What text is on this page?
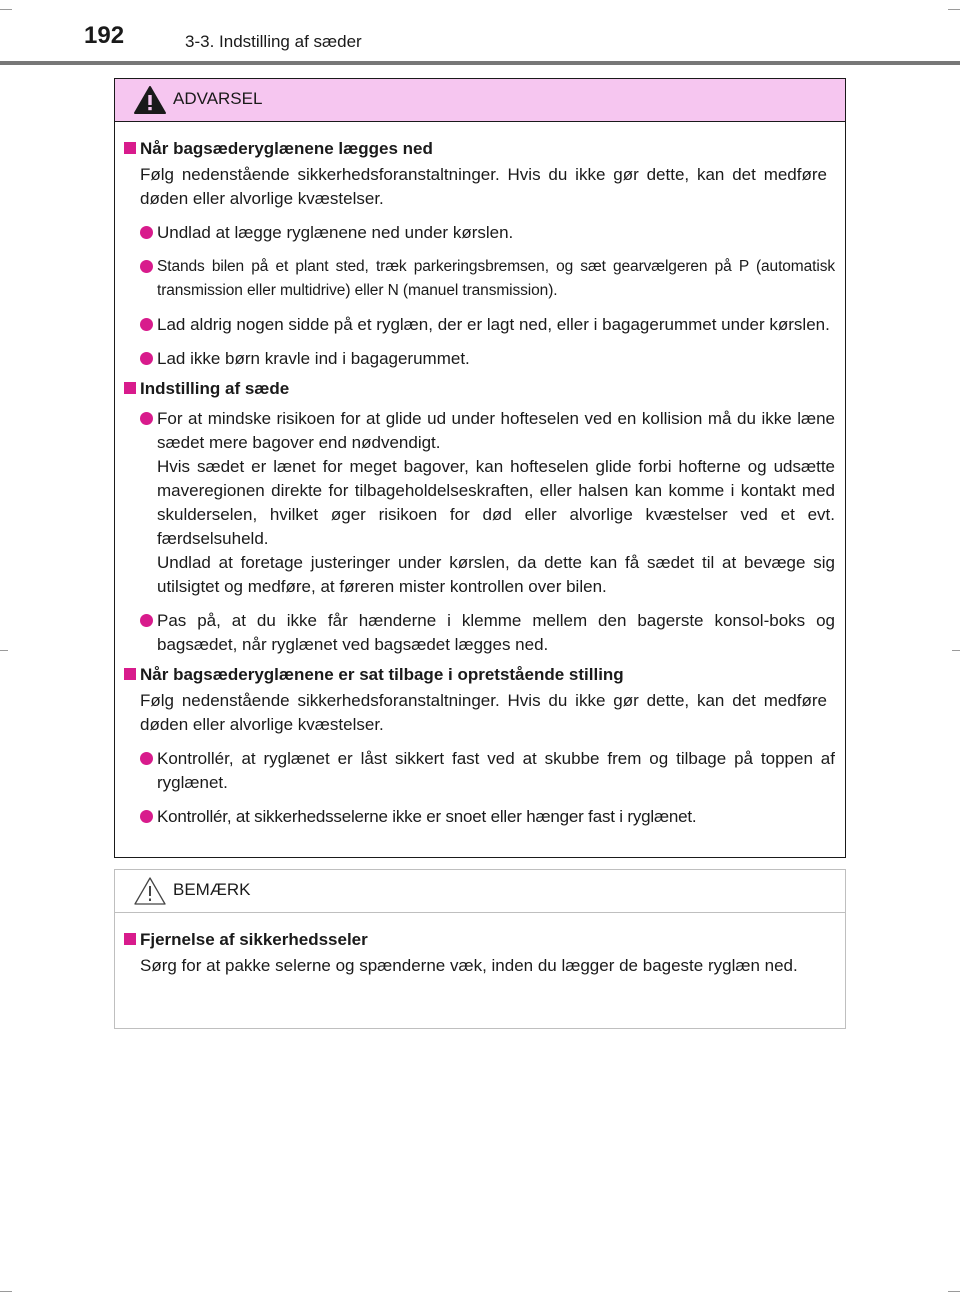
192	3-3. Indstilling af sæder
ADVARSEL
Når bagsæderyglænene lægges ned
Følg nedenstående sikkerhedsforanstaltninger. Hvis du ikke gør dette, kan det medføre døden eller alvorlige kvæstelser.
Undlad at lægge ryglænene ned under kørslen.
Stands bilen på et plant sted, træk parkeringsbremsen, og sæt gearvælgeren på P (automatisk transmission eller multidrive) eller N (manuel transmission).
Lad aldrig nogen sidde på et ryglæn, der er lagt ned, eller i bagagerummet under kørslen.
Lad ikke børn kravle ind i bagagerummet.
Indstilling af sæde
For at mindske risikoen for at glide ud under hofteselen ved en kollision må du ikke læne sædet mere bagover end nødvendigt.
Hvis sædet er lænet for meget bagover, kan hofteselen glide forbi hofterne og udsætte maveregionen direkte for tilbageholdelseskraften, eller halsen kan komme i kontakt med skulderselen, hvilket øger risikoen for død eller alvorlige kvæstelser ved et evt. færdselsuheld.
Undlad at foretage justeringer under kørslen, da dette kan få sædet til at bevæge sig utilsigtet og medføre, at føreren mister kontrollen over bilen.
Pas på, at du ikke får hænderne i klemme mellem den bagerste konsol-boks og bagsædet, når ryglænet ved bagsædet lægges ned.
Når bagsæderyglænene er sat tilbage i opretstående stilling
Følg nedenstående sikkerhedsforanstaltninger. Hvis du ikke gør dette, kan det medføre døden eller alvorlige kvæstelser.
Kontrollér, at ryglænet er låst sikkert fast ved at skubbe frem og tilbage på toppen af ryglænet.
Kontrollér, at sikkerhedsselerne ikke er snoet eller hænger fast i ryglænet.
BEMÆRK
Fjernelse af sikkerhedsseler
Sørg for at pakke selerne og spænderne væk, inden du lægger de bageste ryglæn ned.
